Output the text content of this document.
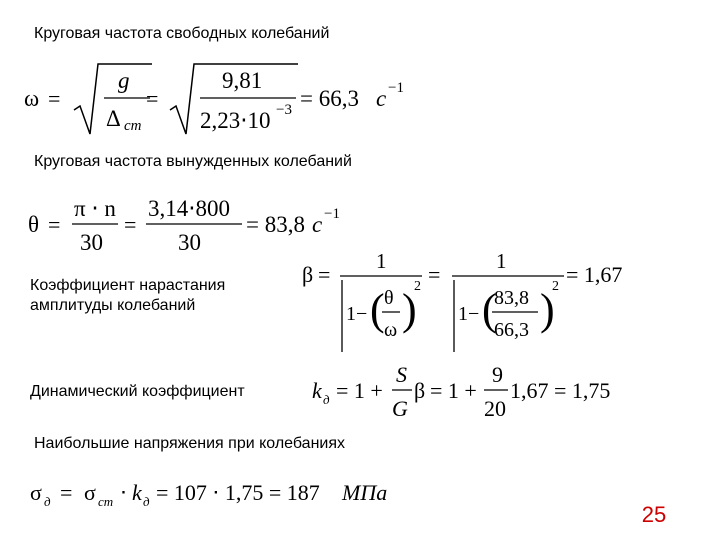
Круговая частота свободных колебаний
ω =
g
Δ ст
=
9,81
2,23⋅10 −3 = 66,3 c −1
Круговая частота вынужденных колебаний
θ =
π ⋅ n
30
=
3,14⋅800
30
= 83,8 c −1
Коэффициент нарастания
амплитуды колебаний
β =
1
1− ( θ
ω )
2 =
1
1− (
83,8
66,3 )
2 = 1,67
Динамический коэффициент	k д = 1 +
S
G
β = 1 +
9
20
1,67 = 1,75
Наибольшие напряжения при колебаниях
σ д = σ ст ⋅ k д = 107 ⋅ 1,75 = 187 МПа
25
